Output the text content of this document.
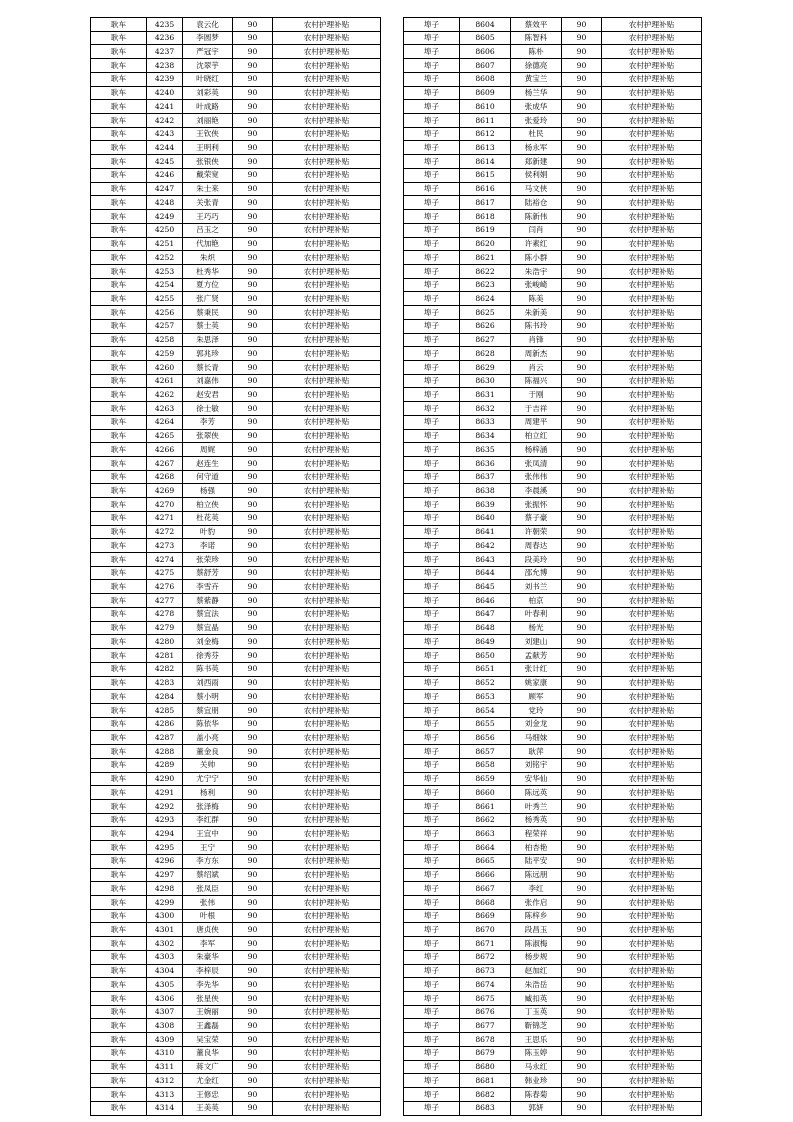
耿车	4235	袁云化	90	农村护理补贴
耿车	4236	李圆梦	90	农村护理补贴
耿车	4237	严冠宇	90	农村护理补贴
耿车	4238	沈翠芋	90	农村护理补贴
耿车	4239	叶晓红	90	农村护理补贴
耿车	4240	刘彩英	90	农村护理补贴
耿车	4241	叶成路	90	农村护理补贴
耿车	4242	刘丽艳	90	农村护理补贴
耿车	4243	王钦侠	90	农村护理补贴
耿车	4244	王明利	90	农村护理补贴
耿车	4245	张银侠	90	农村护理补贴
耿车	4246	戴荣宽	90	农村护理补贴
耿车	4247	朱士来	90	农村护理补贴
耿车	4248	关张青	90	农村护理补贴
耿车	4249	王巧巧	90	农村护理补贴
耿车	4250	吕玉之	90	农村护理补贴
耿车	4251	代加艳	90	农村护理补贴
耿车	4252	朱炽	90	农村护理补贴
耿车	4253	杜秀华	90	农村护理补贴
耿车	4254	夏方位	90	农村护理补贴
耿车	4255	张广贤	90	农村护理补贴
耿车	4256	蔡秉民	90	农村护理补贴
耿车	4257	蔡士英	90	农村护理补贴
耿车	4258	朱思泽	90	农村护理补贴
耿车	4259	郭兆珍	90	农村护理补贴
耿车	4260	蔡长青	90	农村护理补贴
耿车	4261	刘嘉伟	90	农村护理补贴
耿车	4262	赵安君	90	农村护理补贴
耿车	4263	徐士敏	90	农村护理补贴
耿车	4264	李芳	90	农村护理补贴
耿车	4265	张翠侠	90	农村护理补贴
耿车	4266	周娓	90	农村护理补贴
耿车	4267	赵连生	90	农村护理补贴
耿车	4268	何守道	90	农村护理补贴
耿车	4269	杨强	90	农村护理补贴
耿车	4270	柏立侠	90	农村护理补贴
耿车	4271	杜花英	90	农村护理补贴
耿车	4272	叶豹	90	农村护理补贴
耿车	4273	李诺	90	农村护理补贴
耿车	4274	张荣珍	90	农村护理补贴
耿车	4275	蔡舒芳	90	农村护理补贴
耿车	4276	李雪卉	90	农村护理补贴
耿车	4277	蔡紫静	90	农村护理补贴
耿车	4278	蔡宜法	90	农村护理补贴
耿车	4279	蔡宜晶	90	农村护理补贴
耿车	4280	刘金梅	90	农村护理补贴
耿车	4281	徐秀芬	90	农村护理补贴
耿车	4282	陈书英	90	农村护理补贴
耿车	4283	刘西雨	90	农村护理补贴
耿车	4284	蔡小明	90	农村护理补贴
耿车	4285	蔡宜朋	90	农村护理补贴
耿车	4286	陈依华	90	农村护理补贴
耿车	4287	盖小亮	90	农村护理补贴
耿车	4288	董金良	90	农村护理补贴
耿车	4289	关帅	90	农村护理补贴
耿车	4290	尤宁宁	90	农村护理补贴
耿车	4291	杨利	90	农村护理补贴
耿车	4292	张泽梅	90	农村护理补贴
耿车	4293	李红群	90	农村护理补贴
耿车	4294	王宜中	90	农村护理补贴
耿车	4295	王宁	90	农村护理补贴
耿车	4296	李方东	90	农村护理补贴
耿车	4297	蔡绍斌	90	农村护理补贴
耿车	4298	张凤臣	90	农村护理补贴
耿车	4299	张伟	90	农村护理补贴
耿车	4300	叶根	90	农村护理补贴
耿车	4301	唐贞侠	90	农村护理补贴
耿车	4302	李军	90	农村护理补贴
耿车	4303	朱豪华	90	农村护理补贴
耿车	4304	李梓辰	90	农村护理补贴
耿车	4305	李先华	90	农村护理补贴
耿车	4306	张星侠	90	农村护理补贴
耿车	4307	王婉丽	90	农村护理补贴
耿车	4308	王鑫磊	90	农村护理补贴
耿车	4309	吴宝荣	90	农村护理补贴
耿车	4310	董良华	90	农村护理补贴
耿车	4311	蒋文广	90	农村护理补贴
耿车	4312	尤金红	90	农村护理补贴
耿车	4313	王修忠	90	农村护理补贴
耿车	4314	王美英	90	农村护理补贴
埠子	8604	蔡效平	90	农村护理补贴
埠子	8605	陈智科	90	农村护理补贴
埠子	8606	陈朴	90	农村护理补贴
埠子	8607	徐德亮	90	农村护理补贴
埠子	8608	黄宝兰	90	农村护理补贴
埠子	8609	杨兰华	90	农村护理补贴
埠子	8610	张成华	90	农村护理补贴
埠子	8611	张爱玲	90	农村护理补贴
埠子	8612	杜民	90	农村护理补贴
埠子	8613	杨永军	90	农村护理补贴
埠子	8614	郑新建	90	农村护理补贴
埠子	8615	侯利娟	90	农村护理补贴
埠子	8616	马文侠	90	农村护理补贴
埠子	8617	陆裕仓	90	农村护理补贴
埠子	8618	陈新伟	90	农村护理补贴
埠子	8619	闫肖	90	农村护理补贴
埠子	8620	许素红	90	农村护理补贴
埠子	8621	陈小群	90	农村护理补贴
埠子	8622	朱浩宇	90	农村护理补贴
埠子	8623	张峻崎	90	农村护理补贴
埠子	8624	陈美	90	农村护理补贴
埠子	8625	朱新美	90	农村护理补贴
埠子	8626	陈书玲	90	农村护理补贴
埠子	8627	肖锋	90	农村护理补贴
埠子	8628	周新杰	90	农村护理补贴
埠子	8629	肖云	90	农村护理补贴
埠子	8630	陈福兴	90	农村护理补贴
埠子	8631	于刚	90	农村护理补贴
埠子	8632	于吉祥	90	农村护理补贴
埠子	8633	周建平	90	农村护理补贴
埠子	8634	柏立红	90	农村护理补贴
埠子	8635	杨梓涵	90	农村护理补贴
埠子	8636	张凤清	90	农村护理补贴
埠子	8637	张伟伟	90	农村护理补贴
埠子	8638	李晨溪	90	农村护理补贴
埠子	8639	张振怀	90	农村护理补贴
埠子	8640	蔡子豪	90	农村护理补贴
埠子	8641	许朝荣	90	农村护理补贴
埠子	8642	周春达	90	农村护理补贴
埠子	8643	段美玲	90	农村护理补贴
埠子	8644	邵允博	90	农村护理补贴
埠子	8645	刘书兰	90	农村护理补贴
埠子	8646	柏京	90	农村护理补贴
埠子	8647	叶春利	90	农村护理补贴
埠子	8648	杨光	90	农村护理补贴
埠子	8649	刘建山	90	农村护理补贴
埠子	8650	孟献芳	90	农村护理补贴
埠子	8651	张计红	90	农村护理补贴
埠子	8652	姚家康	90	农村护理补贴
埠子	8653	顾军	90	农村护理补贴
埠子	8654	党玲	90	农村护理补贴
埠子	8655	刘金龙	90	农村护理补贴
埠子	8656	马细妹	90	农村护理补贴
埠子	8657	耿萍	90	农村护理补贴
埠子	8658	刘铭宇	90	农村护理补贴
埠子	8659	安华仙	90	农村护理补贴
埠子	8660	陈远英	90	农村护理补贴
埠子	8661	叶秀兰	90	农村护理补贴
埠子	8662	杨秀英	90	农村护理补贴
埠子	8663	程荣祥	90	农村护理补贴
埠子	8664	柏杏艳	90	农村护理补贴
埠子	8665	陆平安	90	农村护理补贴
埠子	8666	陈远朋	90	农村护理补贴
埠子	8667	李红	90	农村护理补贴
埠子	8668	张作启	90	农村护理补贴
埠子	8669	陈梓乡	90	农村护理补贴
埠子	8670	段昌玉	90	农村护理补贴
埠子	8671	陈淑梅	90	农村护理补贴
埠子	8672	杨步规	90	农村护理补贴
埠子	8673	赵加红	90	农村护理补贴
埠子	8674	朱浩岳	90	农村护理补贴
埠子	8675	臧扣英	90	农村护理补贴
埠子	8676	丁玉英	90	农村护理补贴
埠子	8677	靳锦芝	90	农村护理补贴
埠子	8678	王思乐	90	农村护理补贴
埠子	8679	陈玉婷	90	农村护理补贴
埠子	8680	马永红	90	农村护理补贴
埠子	8681	韩业珍	90	农村护理补贴
埠子	8682	陈春菊	90	农村护理补贴
埠子	8683	郭妍	90	农村护理补贴
